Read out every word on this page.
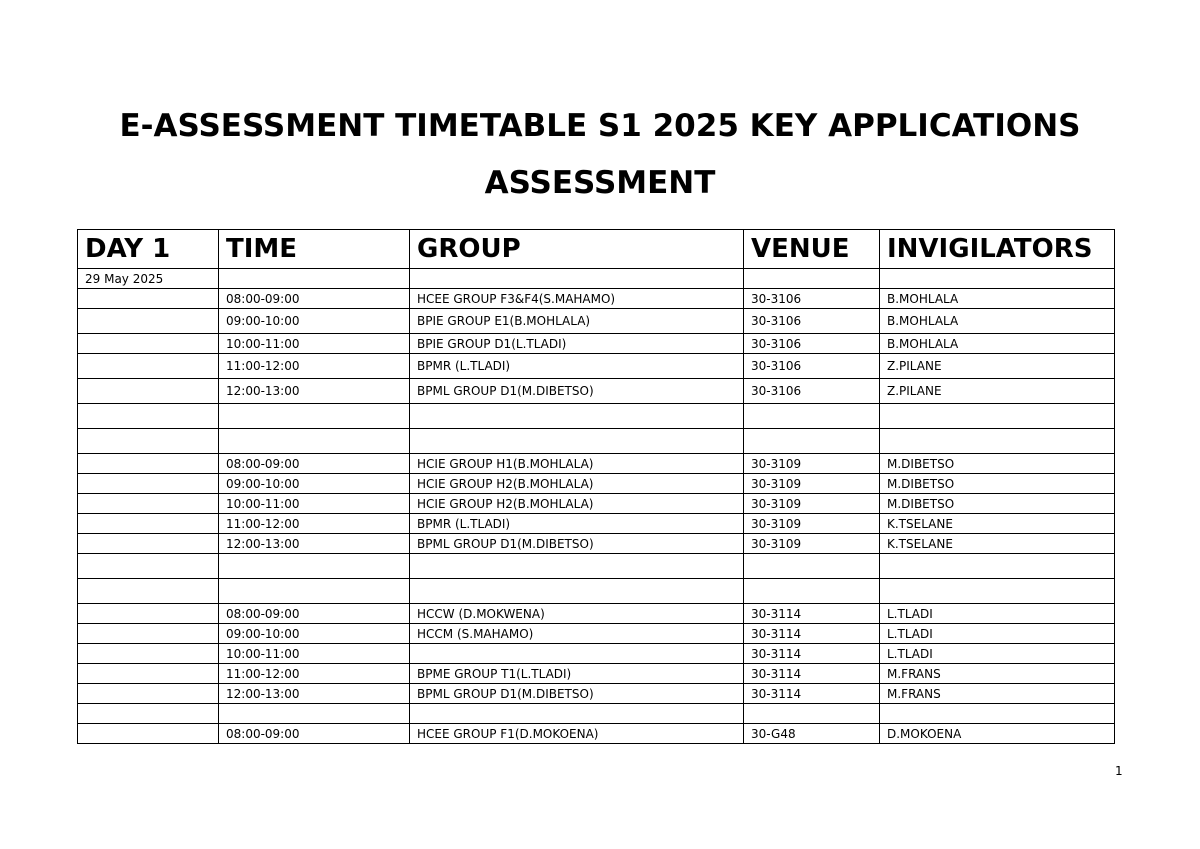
E-ASSESSMENT TIMETABLE S1 2025 KEY APPLICATIONS
ASSESSMENT
DAY 1	TIME	GROUP	VENUE	INVIGILATORS
29 May 2025				
	08:00-09:00	HCEE GROUP F3&F4(S.MAHAMO)	30-3106	B.MOHLALA
	09:00-10:00	BPIE GROUP E1(B.MOHLALA)	30-3106	B.MOHLALA
	10:00-11:00	BPIE GROUP D1(L.TLADI)	30-3106	B.MOHLALA
	11:00-12:00	BPMR (L.TLADI)	30-3106	Z.PILANE
	12:00-13:00	BPML GROUP D1(M.DIBETSO)	30-3106	Z.PILANE

	08:00-09:00	HCIE GROUP H1(B.MOHLALA)	30-3109	M.DIBETSO
	09:00-10:00	HCIE GROUP H2(B.MOHLALA)	30-3109	M.DIBETSO
	10:00-11:00	HCIE GROUP H2(B.MOHLALA)	30-3109	M.DIBETSO
	11:00-12:00	BPMR (L.TLADI)	30-3109	K.TSELANE
	12:00-13:00	BPML GROUP D1(M.DIBETSO)	30-3109	K.TSELANE

	08:00-09:00	HCCW (D.MOKWENA)	30-3114	L.TLADI
	09:00-10:00	HCCM (S.MAHAMO)	30-3114	L.TLADI
	10:00-11:00		30-3114	L.TLADI
	11:00-12:00	BPME GROUP T1(L.TLADI)	30-3114	M.FRANS
	12:00-13:00	BPML GROUP D1(M.DIBETSO)	30-3114	M.FRANS

	08:00-09:00	HCEE GROUP F1(D.MOKOENA)	30-G48	D.MOKOENA
1
